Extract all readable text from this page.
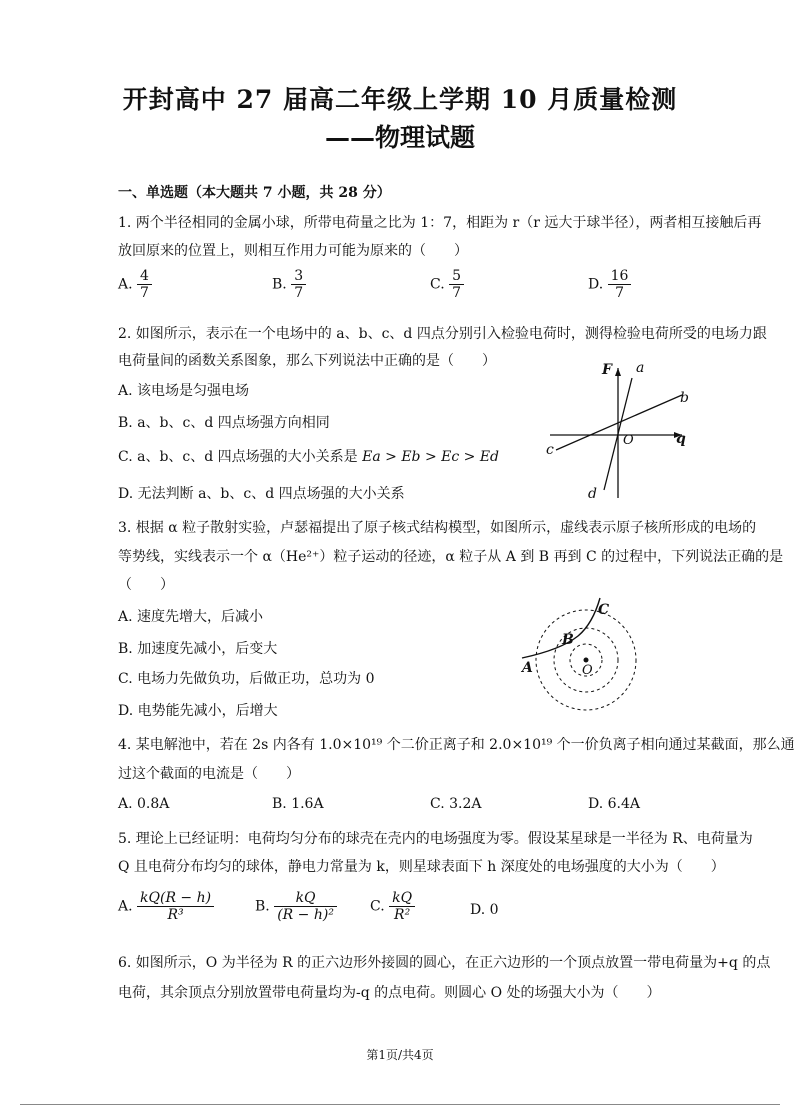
开封高中 27 届高二年级上学期 10 月质量检测
——物理试题
一、单选题（本大题共 7 小题，共 28 分）
1. 两个半径相同的金属小球，所带电荷量之比为 1：7，相距为 r（r 远大于球半径），两者相互接触后再
放回原来的位置上，则相互作用力可能为原来的（　　）
A. $\frac{4}{7}$	B. $\frac{3}{7}$	C. $\frac{5}{7}$	D. $\frac{16}{7}$
2. 如图所示，表示在一个电场中的 a、b、c、d 四点分别引入检验电荷时，测得检验电荷所受的电场力跟
电荷量间的函数关系图象，那么下列说法中正确的是（　　）
A. 该电场是匀强电场
B. a、b、c、d 四点场强方向相同
C. a、b、c、d 四点场强的大小关系是 Ea > Eb > Ec > Ed
D. 无法判断 a、b、c、d 四点场强的大小关系
F
q
O
a
b
c
d
3. 根据 α 粒子散射实验，卢瑟福提出了原子核式结构模型，如图所示，虚线表示原子核所形成的电场的
等势线，实线表示一个 α（He²⁺）粒子运动的径迹，α 粒子从 A 到 B 再到 C 的过程中，下列说法正确的是
（　　）
A. 速度先增大，后减小
B. 加速度先减小，后变大
C. 电场力先做负功，后做正功，总功为 0
D. 电势能先减小，后增大
O
A
B
C
4. 某电解池中，若在 2s 内各有 1.0×10¹⁹ 个二价正离子和 2.0×10¹⁹ 个一价负离子相向通过某截面，那么通
过这个截面的电流是（　　）
A. 0.8A	B. 1.6A	C. 3.2A	D. 6.4A
5. 理论上已经证明：电荷均匀分布的球壳在壳内的电场强度为零。假设某星球是一半径为 R、电荷量为
Q 且电荷分布均匀的球体，静电力常量为 k，则星球表面下 h 深度处的电场强度的大小为（　　）
A. $\frac{kQ(R - h)}{\text{R³}}$	B. $\frac{kQ}{\text{(R − h)²}} C$. $\frac{kQ}{\text{R²}}$	D. 0
6. 如图所示，O 为半径为 R 的正六边形外接圆的圆心，在正六边形的一个顶点放置一带电荷量为+q 的点
电荷，其余顶点分别放置带电荷量均为-q 的点电荷。则圆心 O 处的场强大小为（　　）
第1页/共4页
